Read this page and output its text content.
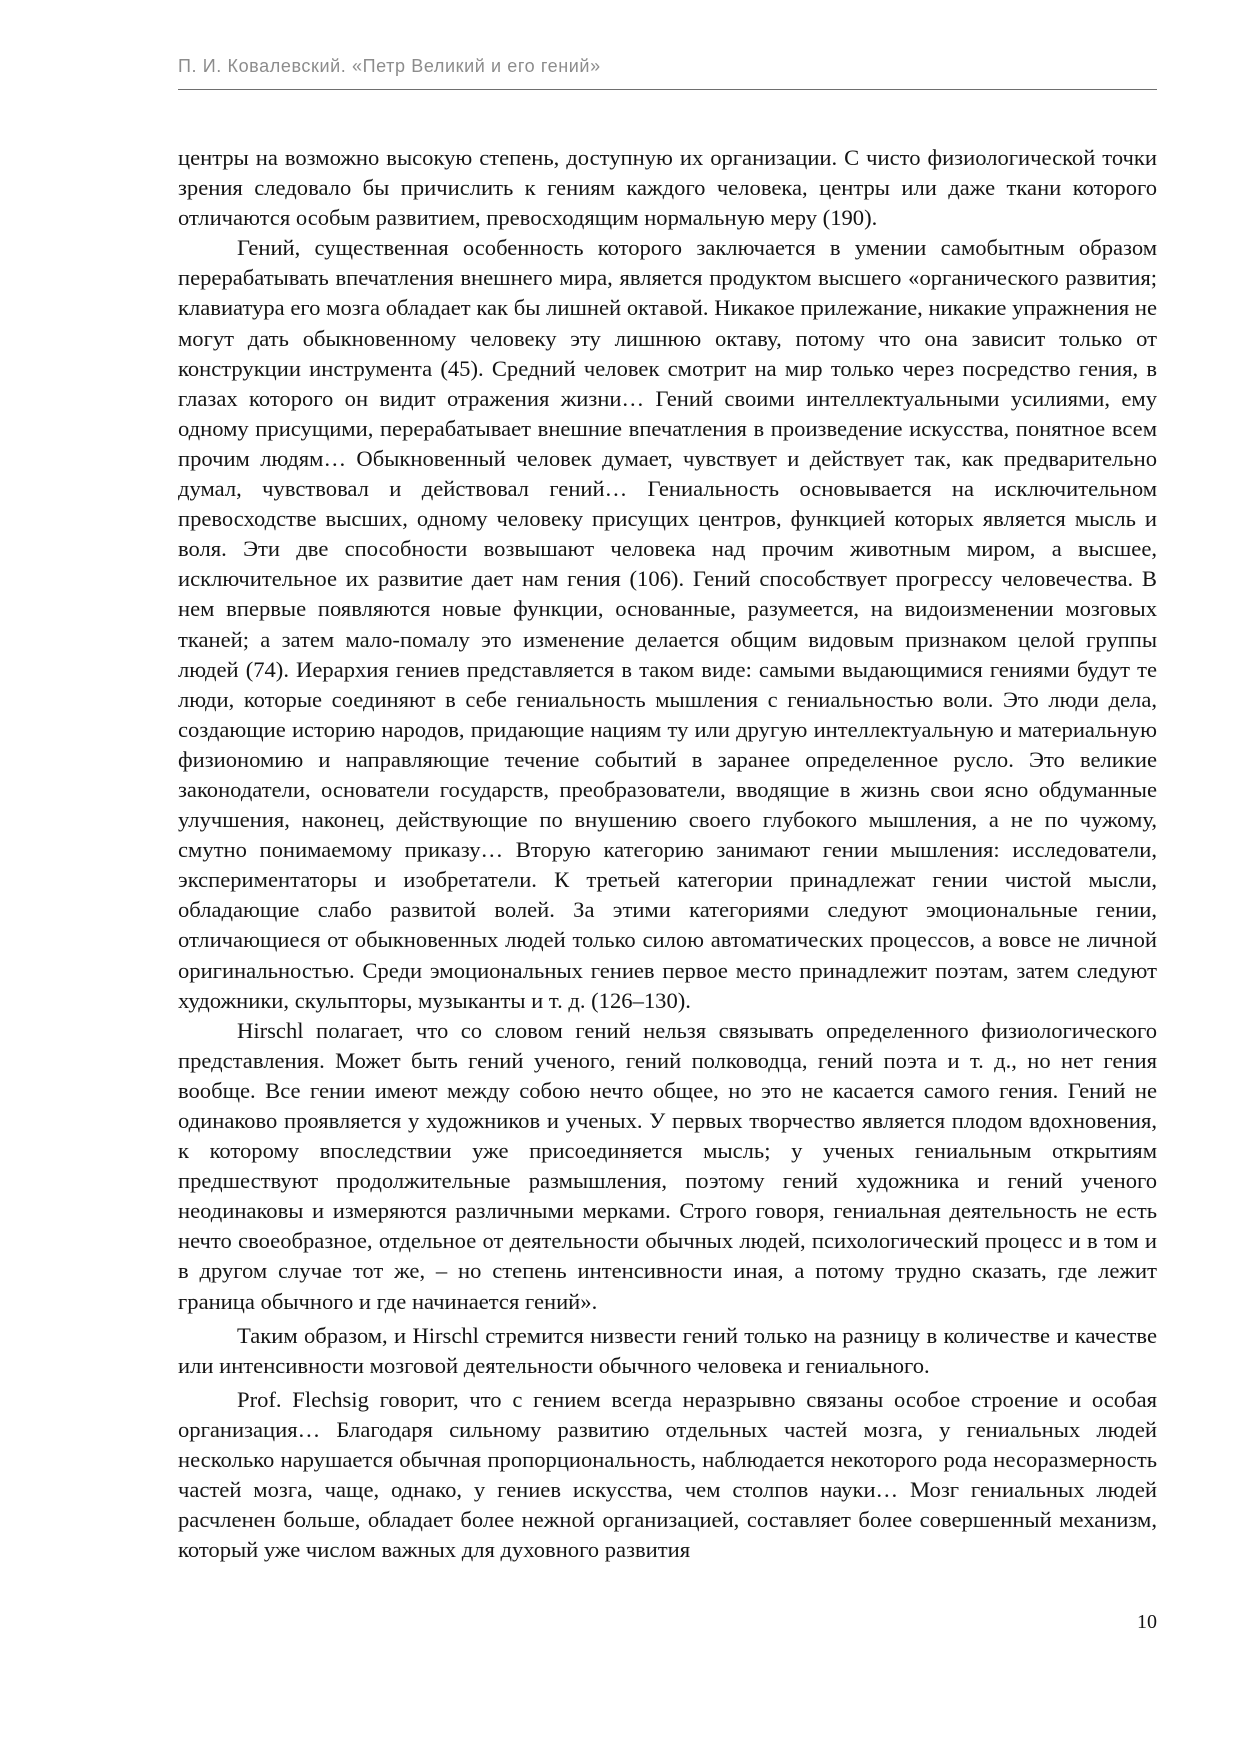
П. И. Ковалевский. «Петр Великий и его гений»

центры на возможно высокую степень, доступную их организации. С чисто физиологической точки зрения следовало бы причислить к гениям каждого человека, центры или даже ткани которого отличаются особым развитием, превосходящим нормальную меру (190).

Гений, существенная особенность которого заключается в умении самобытным образом перерабатывать впечатления внешнего мира, является продуктом высшего «органического развития; клавиатура его мозга обладает как бы лишней октавой. Никакое прилежание, никакие упражнения не могут дать обыкновенному человеку эту лишнюю октаву, потому что она зависит только от конструкции инструмента (45). Средний человек смотрит на мир только через посредство гения, в глазах которого он видит отражения жизни… Гений своими интеллектуальными усилиями, ему одному присущими, перерабатывает внешние впечатления в произведение искусства, понятное всем прочим людям… Обыкновенный человек думает, чувствует и действует так, как предварительно думал, чувствовал и действовал гений… Гениальность основывается на исключительном превосходстве высших, одному человеку присущих центров, функцией которых является мысль и воля. Эти две способности возвышают человека над прочим животным миром, а высшее, исключительное их развитие дает нам гения (106). Гений способствует прогрессу человечества. В нем впервые появляются новые функции, основанные, разумеется, на видоизменении мозговых тканей; а затем мало-помалу это изменение делается общим видовым признаком целой группы людей (74). Иерархия гениев представляется в таком виде: самыми выдающимися гениями будут те люди, которые соединяют в себе гениальность мышления с гениальностью воли. Это люди дела, создающие историю народов, придающие нациям ту или другую интеллектуальную и материальную физиономию и направляющие течение событий в заранее определенное русло. Это великие законодатели, основатели государств, преобразователи, вводящие в жизнь свои ясно обдуманные улучшения, наконец, действующие по внушению своего глубокого мышления, а не по чужому, смутно понимаемому приказу… Вторую категорию занимают гении мышления: исследователи, экспериментаторы и изобретатели. К третьей категории принадлежат гении чистой мысли, обладающие слабо развитой волей. За этими категориями следуют эмоциональные гении, отличающиеся от обыкновенных людей только силою автоматических процессов, а вовсе не личной оригинальностью. Среди эмоциональных гениев первое место принадлежит поэтам, затем следуют художники, скульпторы, музыканты и т. д. (126–130).

Hirschl полагает, что со словом гений нельзя связывать определенного физиологического представления. Может быть гений ученого, гений полководца, гений поэта и т. д., но нет гения вообще. Все гении имеют между собою нечто общее, но это не касается самого гения. Гений не одинаково проявляется у художников и ученых. У первых творчество является плодом вдохновения, к которому впоследствии уже присоединяется мысль; у ученых гениальным открытиям предшествуют продолжительные размышления, поэтому гений художника и гений ученого неодинаковы и измеряются различными мерками. Строго говоря, гениальная деятельность не есть нечто своеобразное, отдельное от деятельности обычных людей, психологический процесс и в том и в другом случае тот же, – но степень интенсивности иная, а потому трудно сказать, где лежит граница обычного и где начинается гений».

Таким образом, и Hirschl стремится низвести гений только на разницу в количестве и качестве или интенсивности мозговой деятельности обычного человека и гениального.

Prof. Flechsig говорит, что с гением всегда неразрывно связаны особое строение и особая организация… Благодаря сильному развитию отдельных частей мозга, у гениальных людей несколько нарушается обычная пропорциональность, наблюдается некоторого рода несоразмерность частей мозга, чаще, однако, у гениев искусства, чем столпов науки… Мозг гениальных людей расчленен больше, обладает более нежной организацией, составляет более совершенный механизм, который уже числом важных для духовного развития

10
